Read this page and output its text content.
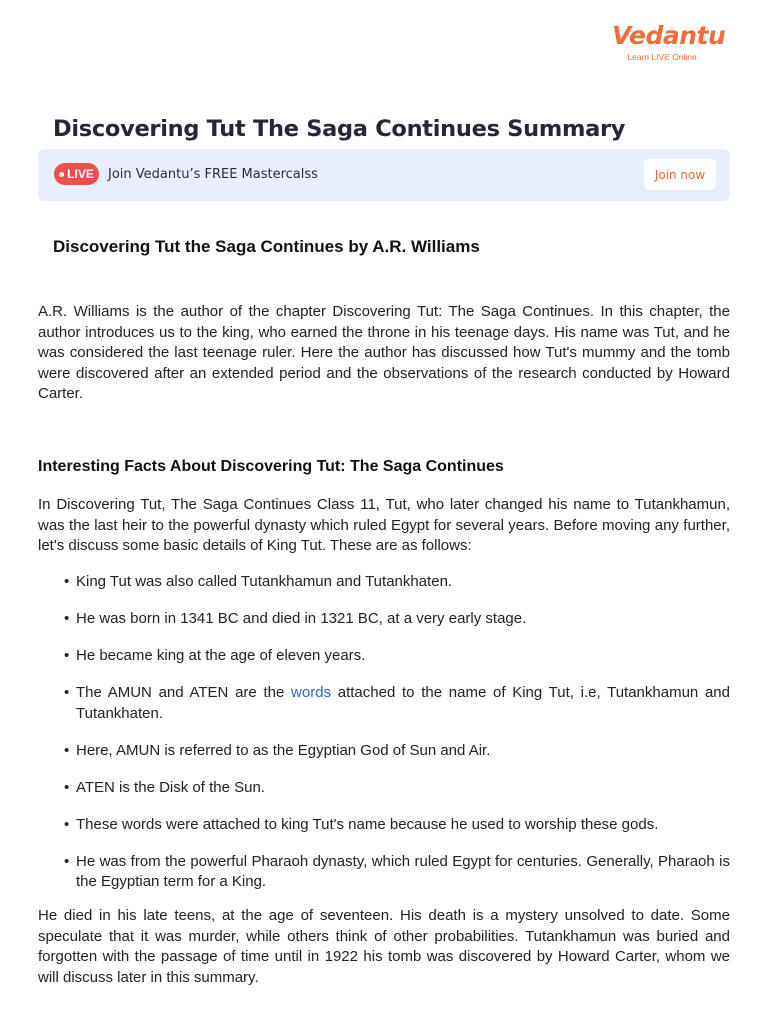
Vedantu
Learn LIVE Online
Discovering Tut The Saga Continues Summary
LIVE Join Vedantu’s FREE Mastercalss	Join now
Discovering Tut the Saga Continues by A.R. Williams

A.R. Williams is the author of the chapter Discovering Tut: The Saga Continues. In this chapter, the author introduces us to the king, who earned the throne in his teenage days. His name was Tut, and he was considered the last teenage ruler. Here the author has discussed how Tut's mummy and the tomb were discovered after an extended period and the observations of the research conducted by Howard Carter.

Interesting Facts About Discovering Tut: The Saga Continues

In Discovering Tut, The Saga Continues Class 11, Tut, who later changed his name to Tutankhamun, was the last heir to the powerful dynasty which ruled Egypt for several years. Before moving any further, let's discuss some basic details of King Tut. These are as follows:

• King Tut was also called Tutankhamun and Tutankhaten.
• He was born in 1341 BC and died in 1321 BC, at a very early stage.
• He became king at the age of eleven years.
• The AMUN and ATEN are the words attached to the name of King Tut, i.e, Tutankhamun and Tutankhaten.
• Here, AMUN is referred to as the Egyptian God of Sun and Air.
• ATEN is the Disk of the Sun.
• These words were attached to king Tut's name because he used to worship these gods.
• He was from the powerful Pharaoh dynasty, which ruled Egypt for centuries. Generally, Pharaoh is the Egyptian term for a King.

He died in his late teens, at the age of seventeen. His death is a mystery unsolved to date. Some speculate that it was murder, while others think of other probabilities. Tutankhamun was buried and forgotten with the passage of time until in 1922 his tomb was discovered by Howard Carter, whom we will discuss later in this summary.
